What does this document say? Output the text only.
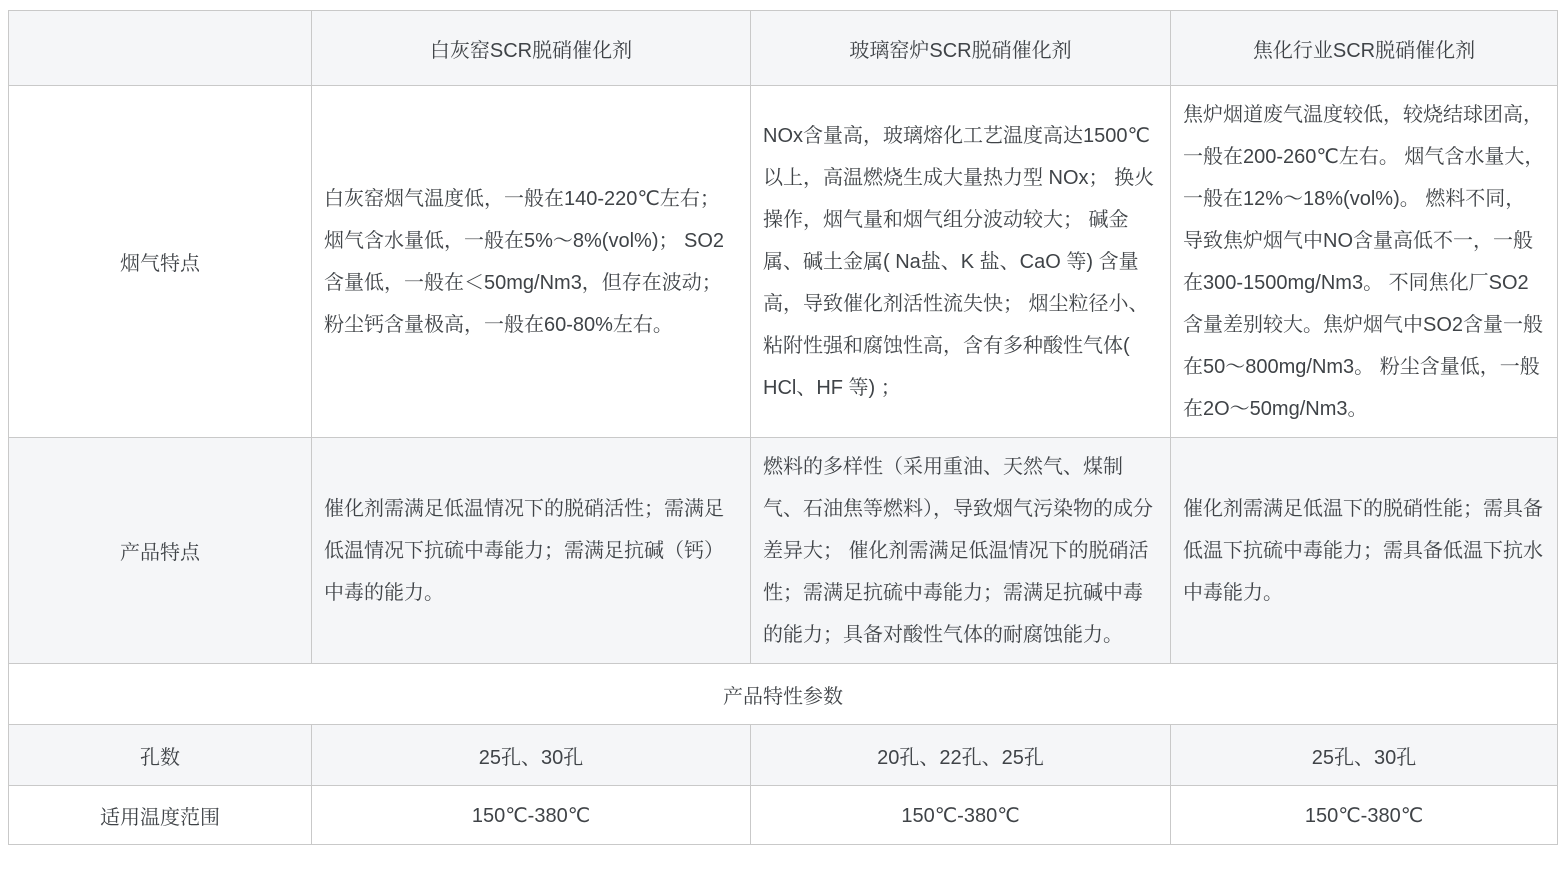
	白灰窑SCR脱硝催化剂	玻璃窑炉SCR脱硝催化剂	焦化行业SCR脱硝催化剂
烟气特点	白灰窑烟气温度低，一般在140-220℃左右；烟气含水量低，一般在5%～8%(vol%)； SO2含量低，一般在＜50mg/Nm3，但存在波动； 粉尘钙含量极高，一般在60-80%左右。	NOx含量高，玻璃熔化工艺温度高达1500℃以上，高温燃烧生成大量热力型 NOx； 换火操作，烟气量和烟气组分波动较大； 碱金属、碱土金属( Na盐、K 盐、CaO 等) 含量高，导致催化剂活性流失快； 烟尘粒径小、粘附性强和腐蚀性高，含有多种酸性气体( HCl、HF 等) ；	焦炉烟道废气温度较低，较烧结球团高，一般在200-260℃左右。 烟气含水量大，一般在12%～18%(vol%)。 燃料不同，导致焦炉烟气中NO含量高低不一，一般在300-1500mg/Nm3。 不同焦化厂SO2含量差别较大。焦炉烟气中SO2含量一般在50～800mg/Nm3。 粉尘含量低，一般在2O～50mg/Nm3。
产品特点	催化剂需满足低温情况下的脱硝活性；需满足低温情况下抗硫中毒能力；需满足抗碱（钙）中毒的能力。	燃料的多样性（采用重油、天然气、煤制气、石油焦等燃料），导致烟气污染物的成分差异大； 催化剂需满足低温情况下的脱硝活性；需满足抗硫中毒能力；需满足抗碱中毒的能力；具备对酸性气体的耐腐蚀能力。	催化剂需满足低温下的脱硝性能；需具备低温下抗硫中毒能力；需具备低温下抗水中毒能力。
产品特性参数			
孔数	25孔、30孔	20孔、22孔、25孔	25孔、30孔
适用温度范围	150℃-380℃	150℃-380℃	150℃-380℃
